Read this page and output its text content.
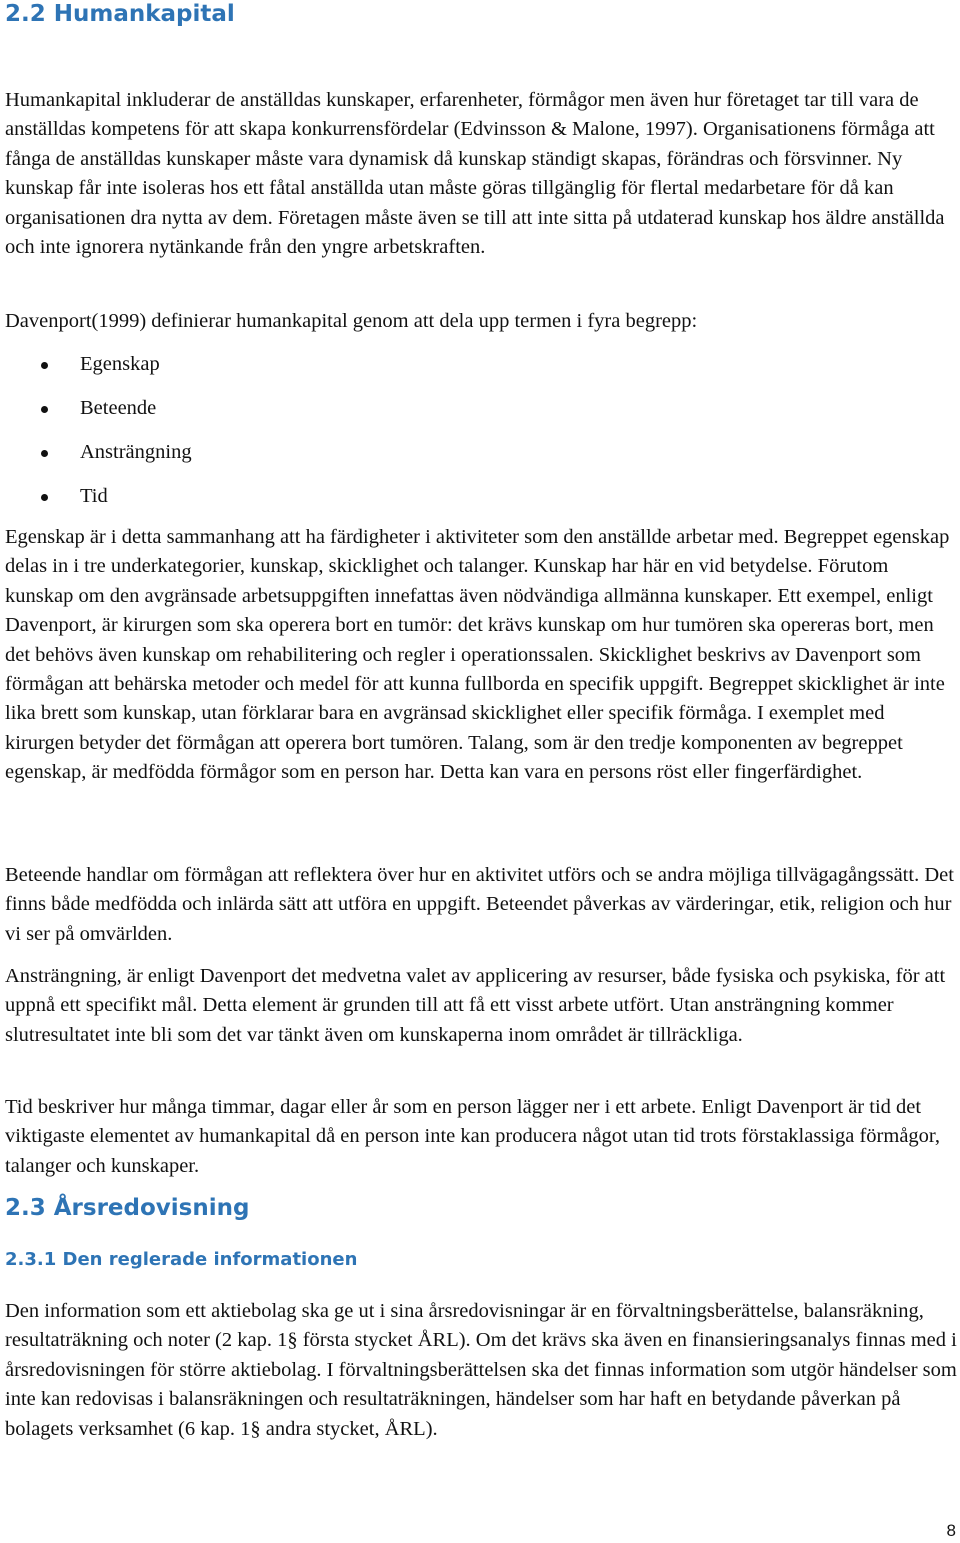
2.2 Humankapital

Humankapital inkluderar de anställdas kunskaper, erfarenheter, förmågor men även hur företaget tar till vara de anställdas kompetens för att skapa konkurrensfördelar (Edvinsson & Malone, 1997). Organisationens förmåga att fånga de anställdas kunskaper måste vara dynamisk då kunskap ständigt skapas, förändras och försvinner. Ny kunskap får inte isoleras hos ett fåtal anställda utan måste göras tillgänglig för flertal medarbetare för då kan organisationen dra nytta av dem. Företagen måste även se till att inte sitta på utdaterad kunskap hos äldre anställda och inte ignorera nytänkande från den yngre arbetskraften.

Davenport(1999) definierar humankapital genom att dela upp termen i fyra begrepp:

Egenskap
Beteende
Ansträngning
Tid

Egenskap är i detta sammanhang att ha färdigheter i aktiviteter som den anställde arbetar med. Begreppet egenskap delas in i tre underkategorier, kunskap, skicklighet och talanger. Kunskap har här en vid betydelse. Förutom kunskap om den avgränsade arbetsuppgiften innefattas även nödvändiga allmänna kunskaper. Ett exempel, enligt Davenport, är kirurgen som ska operera bort en tumör: det krävs kunskap om hur tumören ska opereras bort, men det behövs även kunskap om rehabilitering och regler i operationssalen. Skicklighet beskrivs av Davenport som förmågan att behärska metoder och medel för att kunna fullborda en specifik uppgift. Begreppet skicklighet är inte lika brett som kunskap, utan förklarar bara en avgränsad skicklighet eller specifik förmåga. I exemplet med kirurgen betyder det förmågan att operera bort tumören. Talang, som är den tredje komponenten av begreppet egenskap, är medfödda förmågor som en person har. Detta kan vara en persons röst eller fingerfärdighet.

Beteende handlar om förmågan att reflektera över hur en aktivitet utförs och se andra möjliga tillvägagångssätt. Det finns både medfödda och inlärda sätt att utföra en uppgift. Beteendet påverkas av värderingar, etik, religion och hur vi ser på omvärlden.

Ansträngning, är enligt Davenport det medvetna valet av applicering av resurser, både fysiska och psykiska, för att uppnå ett specifikt mål. Detta element är grunden till att få ett visst arbete utfört. Utan ansträngning kommer slutresultatet inte bli som det var tänkt även om kunskaperna inom området är tillräckliga.

Tid beskriver hur många timmar, dagar eller år som en person lägger ner i ett arbete. Enligt Davenport är tid det viktigaste elementet av humankapital då en person inte kan producera något utan tid trots förstaklassiga förmågor, talanger och kunskaper.

2.3 Årsredovisning
2.3.1 Den reglerade informationen

Den information som ett aktiebolag ska ge ut i sina årsredovisningar är en förvaltningsberättelse, balansräkning, resultaträkning och noter (2 kap. 1§ första stycket ÅRL). Om det krävs ska även en finansieringsanalys finnas med i årsredovisningen för större aktiebolag. I förvaltningsberättelsen ska det finnas information som utgör händelser som inte kan redovisas i balansräkningen och resultaträkningen, händelser som har haft en betydande påverkan på bolagets verksamhet (6 kap. 1§ andra stycket, ÅRL).

8
